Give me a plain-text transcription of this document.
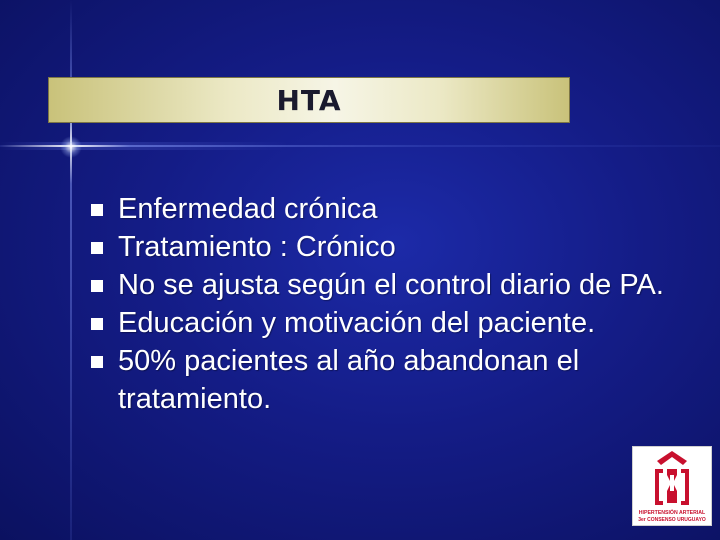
HTA
Enfermedad crónica
Tratamiento : Crónico
No se ajusta según el control diario de PA.
Educación y motivación del paciente.
50% pacientes al año abandonan el tratamiento.
HIPERTENSIÓN ARTERIAL
3er CONSENSO URUGUAYO
